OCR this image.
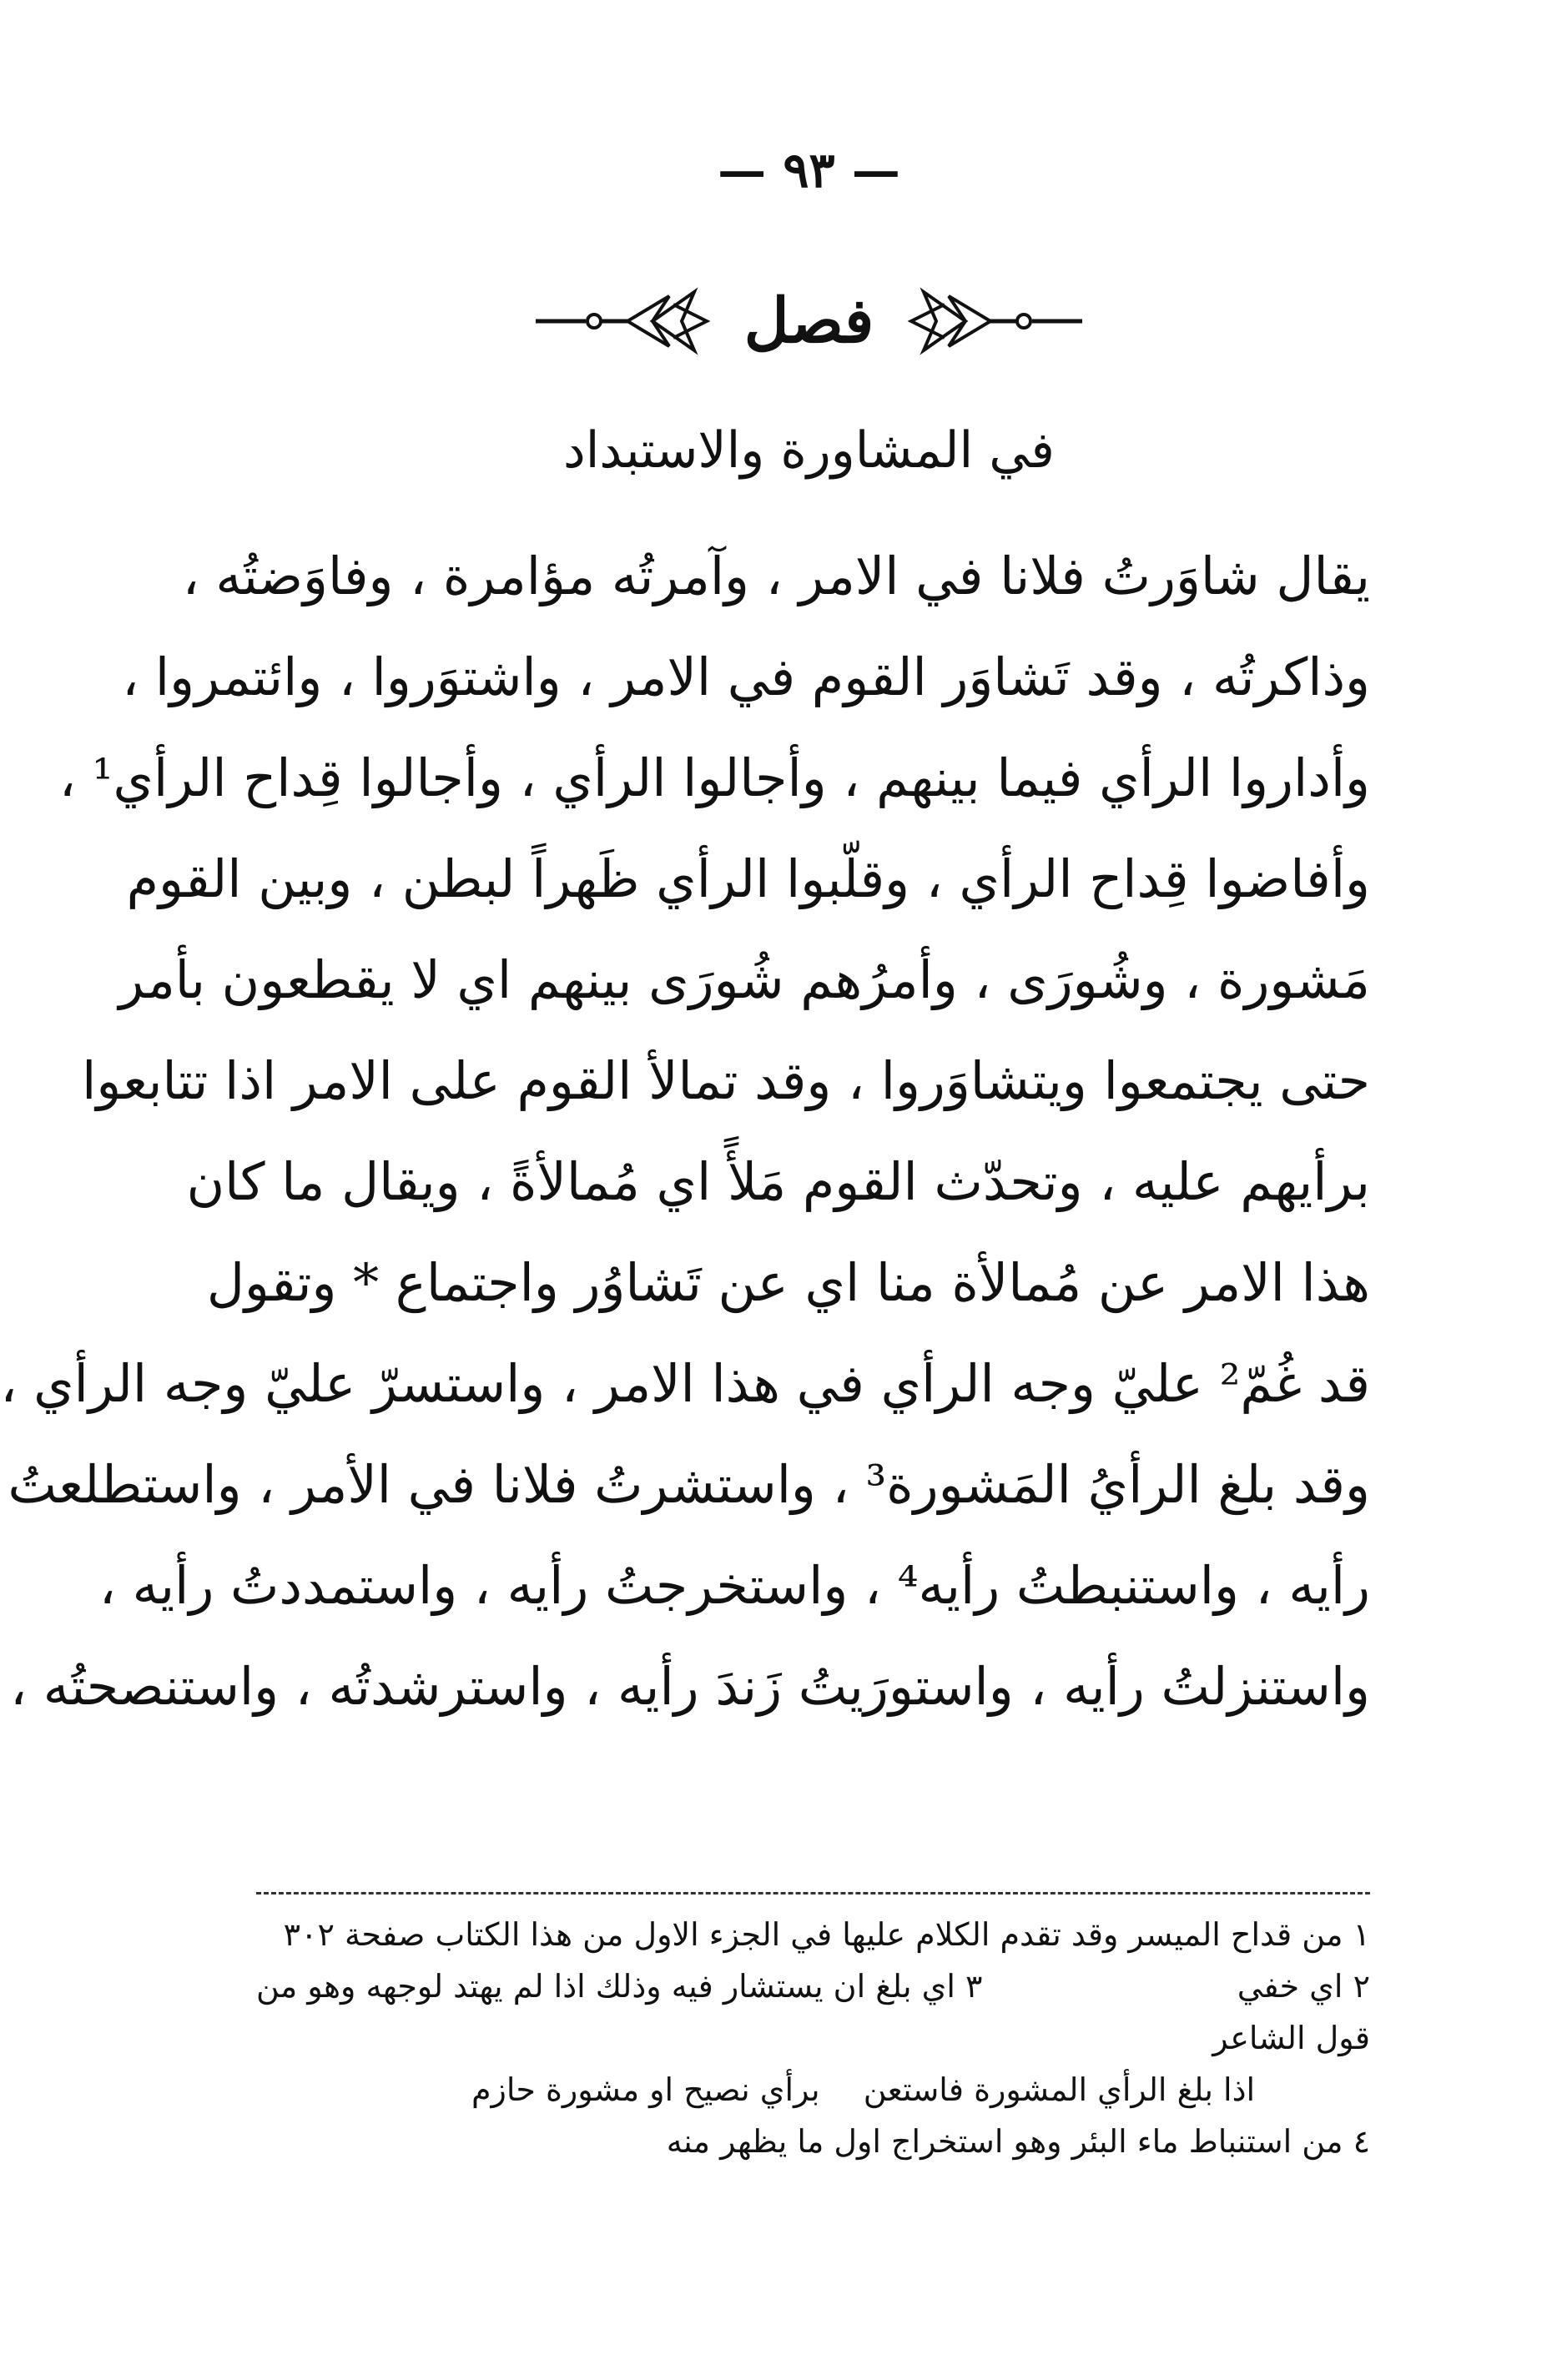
— ٩٣ —
فصل
في المشاورة والاستبداد
يقال شاوَرتُ فلانا في الامر ، وآمرتُه مؤامرة ، وفاوَضتُه ،
وذاكرتُه ، وقد تَشاوَر القوم في الامر ، واشتوَروا ، وائتمروا ،
وأداروا الرأي فيما بينهم ، وأجالوا الرأي ، وأجالوا قِداح الرأي¹ ،
وأفاضوا قِداح الرأي ، وقلّبوا الرأي ظَهراً لبطن ، وبين القوم
مَشورة ، وشُورَى ، وأمرُهم شُورَى بينهم اي لا يقطعون بأمر
حتى يجتمعوا ويتشاوَروا ، وقد تمالأ القوم على الامر اذا تتابعوا
برأيهم عليه ، وتحدّث القوم مَلأً اي مُمالأةً ، ويقال ما كان
هذا الامر عن مُمالأة منا اي عن تَشاوُر واجتماع * وتقول
قد غُمّ² عليّ وجه الرأي في هذا الامر ، واستسرّ عليّ وجه الرأي ،
وقد بلغ الرأيُ المَشورة³ ، واستشرتُ فلانا في الأمر ، واستطلعتُ
رأيه ، واستنبطتُ رأيه⁴ ، واستخرجتُ رأيه ، واستمددتُ رأيه ،
واستنزلتُ رأيه ، واستورَيتُ زَندَ رأيه ، واسترشدتُه ، واستنصحتُه ،
١ من قداح الميسر وقد تقدم الكلام عليها في الجزء الاول من هذا الكتاب صفحة ٣٠٢
٢ اي خفي
٣ اي بلغ ان يستشار فيه وذلك اذا لم يهتد لوجهه وهو من
قول الشاعر
اذا بلغ الرأي المشورة فاستعن برأي نصيح او مشورة حازم
٤ من استنباط ماء البئر وهو استخراج اول ما يظهر منه
